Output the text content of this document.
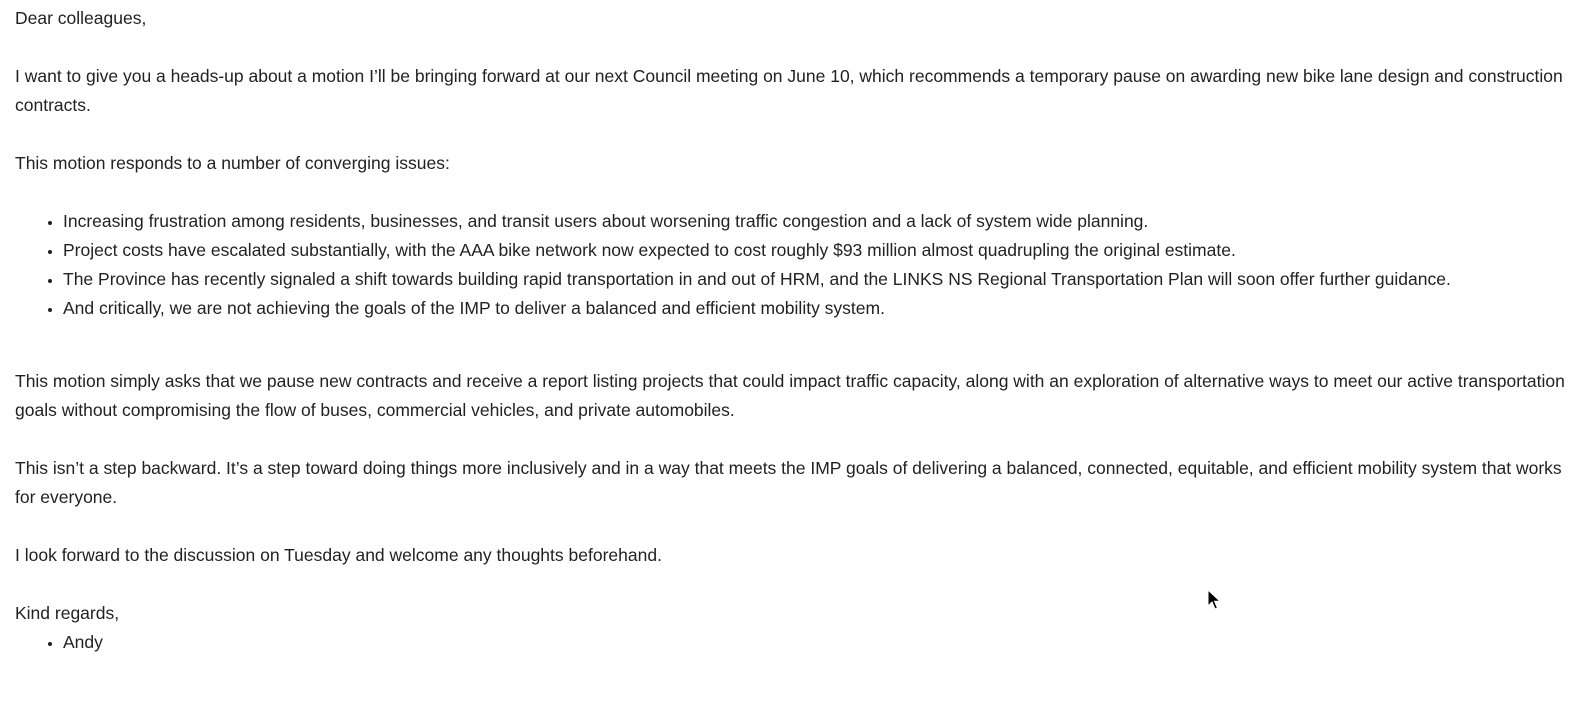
Dear colleagues,

I want to give you a heads-up about a motion I’ll be bringing forward at our next Council meeting on June 10, which recommends a temporary pause on awarding new bike lane design and construction contracts.

This motion responds to a number of converging issues:

• Increasing frustration among residents, businesses, and transit users about worsening traffic congestion and a lack of system wide planning.
• Project costs have escalated substantially, with the AAA bike network now expected to cost roughly $93 million almost quadrupling the original estimate.
• The Province has recently signaled a shift towards building rapid transportation in and out of HRM, and the LINKS NS Regional Transportation Plan will soon offer further guidance.
• And critically, we are not achieving the goals of the IMP to deliver a balanced and efficient mobility system.

This motion simply asks that we pause new contracts and receive a report listing projects that could impact traffic capacity, along with an exploration of alternative ways to meet our active transportation goals without compromising the flow of buses, commercial vehicles, and private automobiles.

This isn’t a step backward. It’s a step toward doing things more inclusively and in a way that meets the IMP goals of delivering a balanced, connected, equitable, and efficient mobility system that works for everyone.

I look forward to the discussion on Tuesday and welcome any thoughts beforehand.

Kind regards,

• Andy
